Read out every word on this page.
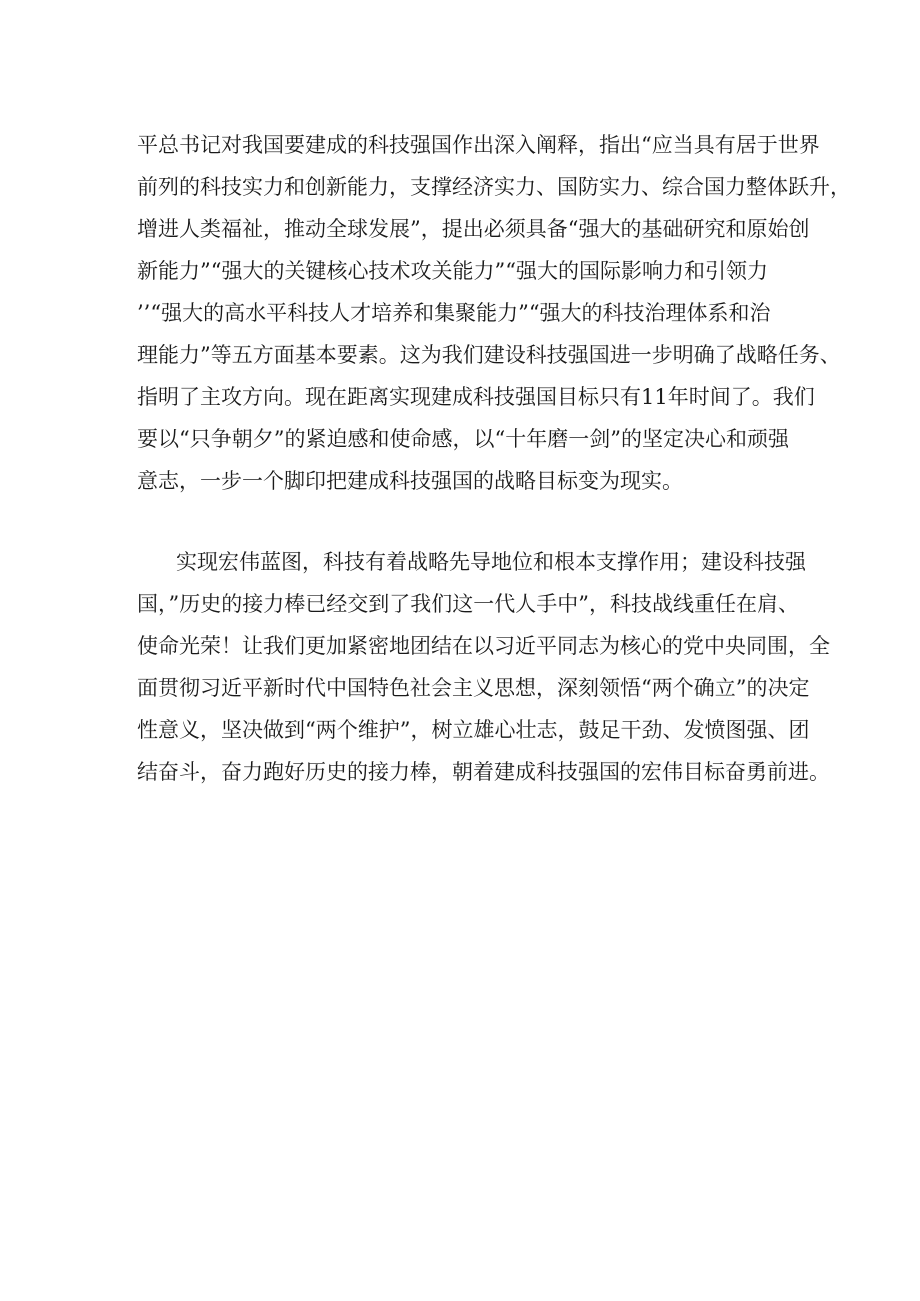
平总书记对我国要建成的科技强国作出深入阐释，指出“应当具有居于世界

前列的科技实力和创新能力，支撑经济实力、国防实力、综合国力整体跃升，

增进人类福祉，推动全球发展”，提出必须具备“强大的基础研究和原始创

新能力”“强大的关键核心技术攻关能力”“强大的国际影响力和引领力

’’“强大的高水平科技人才培养和集聚能力”“强大的科技治理体系和治

理能力”等五方面基本要素。这为我们建设科技强国进一步明确了战略任务、

指明了主攻方向。现在距离实现建成科技强国目标只有11年时间了。我们

要以“只争朝夕”的紧迫感和使命感，以“十年磨一剑”的坚定决心和顽强

意志，一步一个脚印把建成科技强国的战略目标变为现实。

实现宏伟蓝图，科技有着战略先导地位和根本支撑作用；建设科技强

国，”历史的接力棒已经交到了我们这一代人手中”，科技战线重任在肩、

使命光荣！让我们更加紧密地团结在以习近平同志为核心的党中央同围，全

面贯彻习近平新时代中国特色社会主义思想，深刻领悟“两个确立”的决定

性意义，坚决做到“两个维护”，树立雄心壮志，鼓足干劲、发愤图强、团

结奋斗，奋力跑好历史的接力棒，朝着建成科技强国的宏伟目标奋勇前进。
